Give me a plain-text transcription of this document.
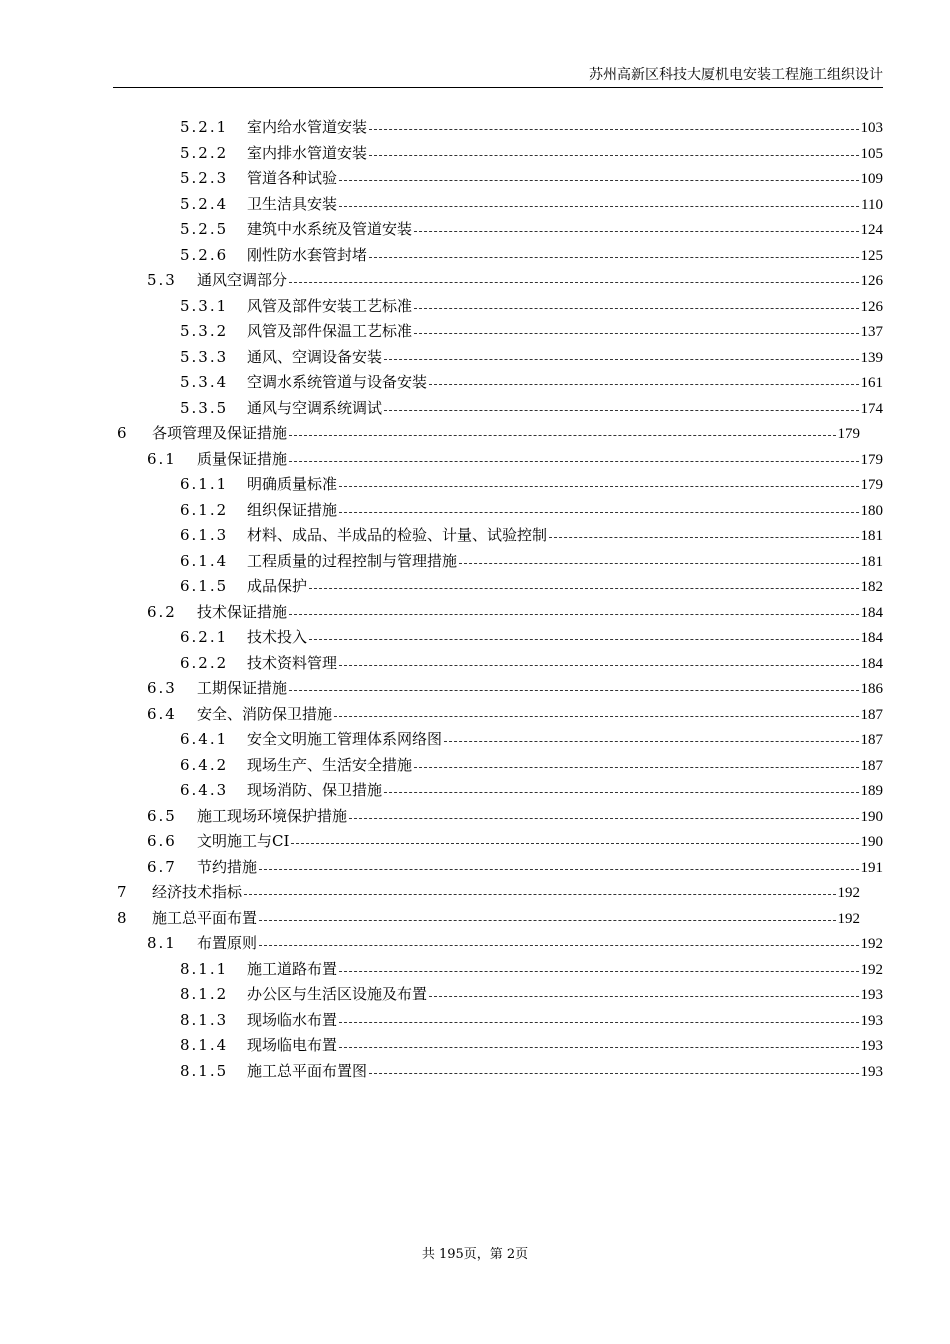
苏州高新区科技大厦机电安装工程施工组织设计
5.2.1	室内给水管道安装	103
5.2.2	室内排水管道安装	105
5.2.3	管道各种试验	109
5.2.4	卫生洁具安装	110
5.2.5	建筑中水系统及管道安装	124
5.2.6	刚性防水套管封堵	125
5.3	通风空调部分	126
5.3.1	风管及部件安装工艺标准	126
5.3.2	风管及部件保温工艺标准	137
5.3.3	通风、空调设备安装	139
5.3.4	空调水系统管道与设备安装	161
5.3.5	通风与空调系统调试	174
6	各项管理及保证措施	179
6.1	质量保证措施	179
6.1.1	明确质量标准	179
6.1.2	组织保证措施	180
6.1.3	材料、成品、半成品的检验、计量、试验控制	181
6.1.4	工程质量的过程控制与管理措施	181
6.1.5	成品保护	182
6.2	技术保证措施	184
6.2.1	技术投入	184
6.2.2	技术资料管理	184
6.3	工期保证措施	186
6.4	安全、消防保卫措施	187
6.4.1	安全文明施工管理体系网络图	187
6.4.2	现场生产、生活安全措施	187
6.4.3	现场消防、保卫措施	189
6.5	施工现场环境保护措施	190
6.6	文明施工与CI	190
6.7	节约措施	191
7	经济技术指标	192
8	施工总平面布置	192
8.1	布置原则	192
8.1.1	施工道路布置	192
8.1.2	办公区与生活区设施及布置	193
8.1.3	现场临水布置	193
8.1.4	现场临电布置	193
8.1.5	施工总平面布置图	193
共 195页，第 2页
